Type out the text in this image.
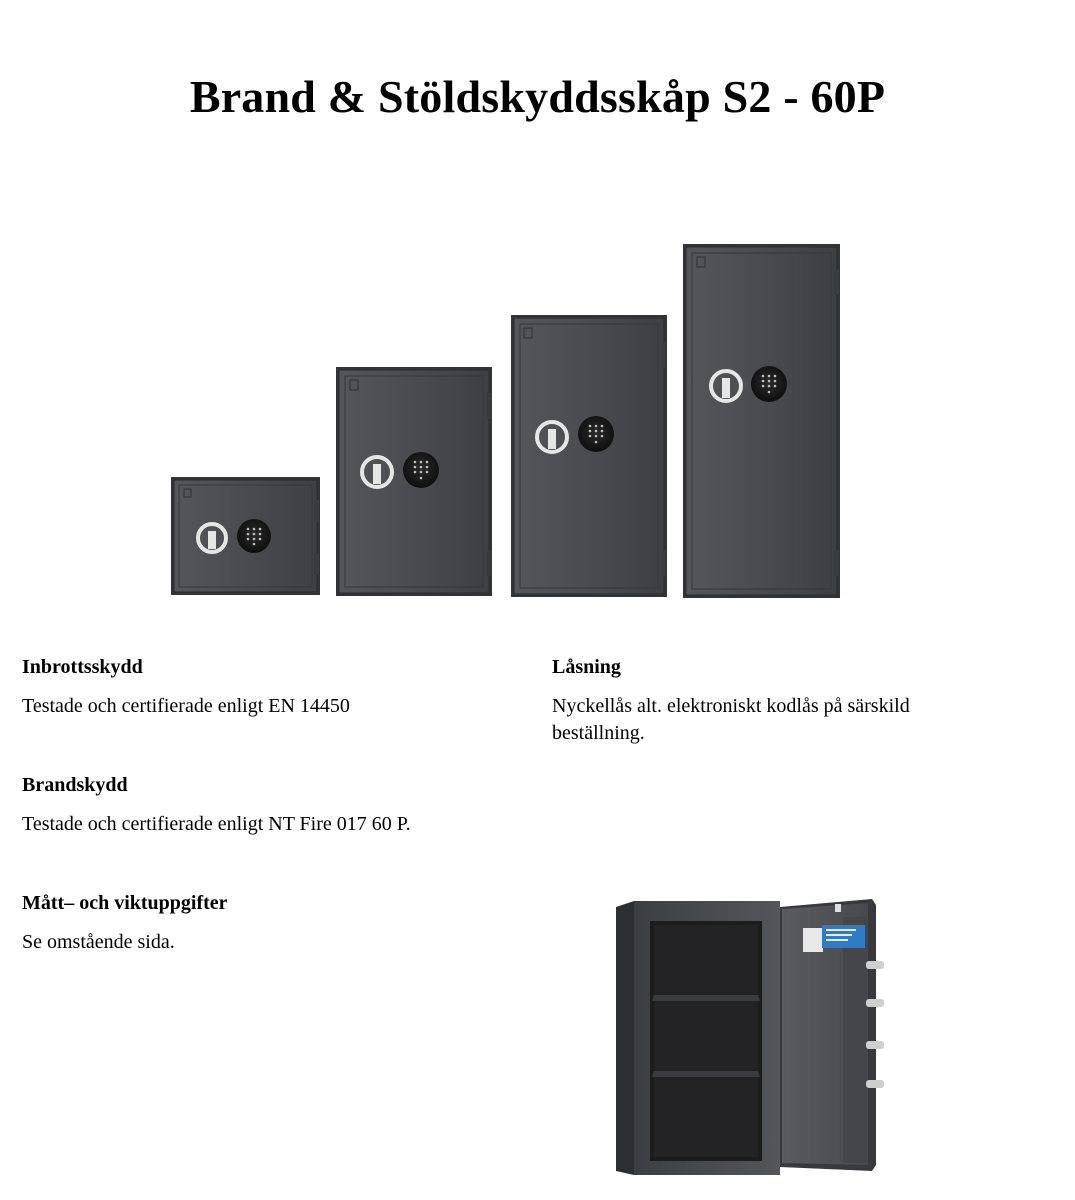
Brand & Stöldskyddsskåp S2 - 60P
Inbrottsskydd

Testade och certifierade enligt EN 14450

Låsning

Nyckellås alt. elektroniskt kodlås på särskild beställning.

Brandskydd

Testade och certifierade enligt NT Fire 017 60 P.

Mått– och viktuppgifter

Se omstående sida.
